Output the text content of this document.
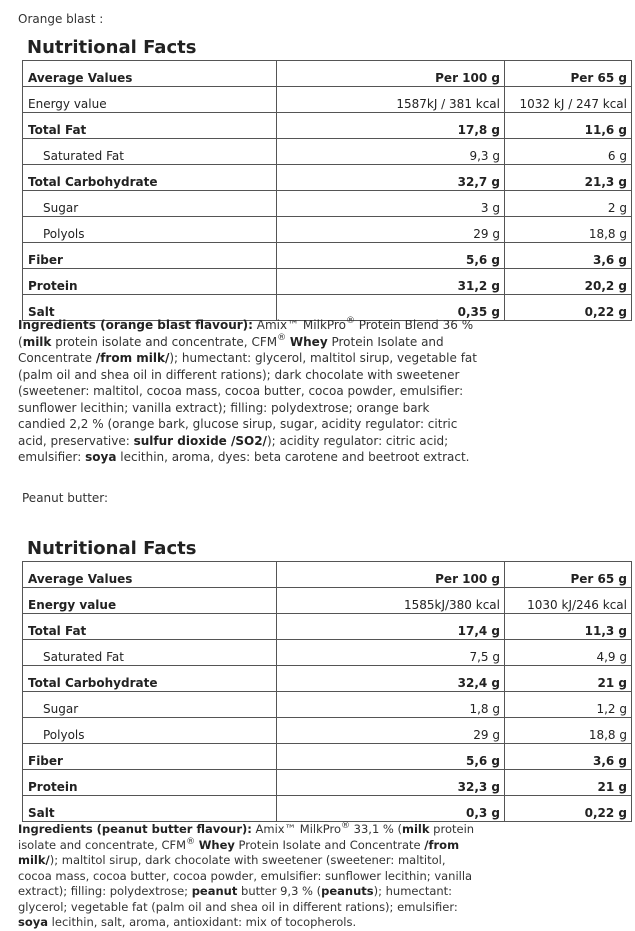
Orange blast :
Nutritional Facts
Average Values	Per 100 g	Per 65 g
Energy value	1587kJ / 381 kcal	1032 kJ / 247 kcal
Total Fat	17,8 g	11,6 g
Saturated Fat	9,3 g	6 g
Total Carbohydrate	32,7 g	21,3 g
Sugar	3 g	2 g
Polyols	29 g	18,8 g
Fiber	5,6 g	3,6 g
Protein	31,2 g	20,2 g
Salt	0,35 g	0,22 g
Ingredients (orange blast flavour): Amix™ MilkPro® Protein Blend 36 % (milk protein isolate and concentrate, CFM® Whey Protein Isolate and Concentrate /from milk/); humectant: glycerol, maltitol sirup, vegetable fat (palm oil and shea oil in different rations); dark chocolate with sweetener (sweetener: maltitol, cocoa mass, cocoa butter, cocoa powder, emulsifier: sunflower lecithin; vanilla extract); filling: polydextrose; orange bark candied 2,2 % (orange bark, glucose sirup, sugar, acidity regulator: citric acid, preservative: sulfur dioxide /SO2/); acidity regulator: citric acid; emulsifier: soya lecithin, aroma, dyes: beta carotene and beetroot extract.
Peanut butter:
Nutritional Facts
Average Values	Per 100 g	Per 65 g
Energy value	1585kJ/380 kcal	1030 kJ/246 kcal
Total Fat	17,4 g	11,3 g
Saturated Fat	7,5 g	4,9 g
Total Carbohydrate	32,4 g	21 g
Sugar	1,8 g	1,2 g
Polyols	29 g	18,8 g
Fiber	5,6 g	3,6 g
Protein	32,3 g	21 g
Salt	0,3 g	0,22 g
Ingredients (peanut butter flavour): Amix™ MilkPro® 33,1 % (milk protein isolate and concentrate, CFM® Whey Protein Isolate and Concentrate /from milk/); maltitol sirup, dark chocolate with sweetener (sweetener: maltitol, cocoa mass, cocoa butter, cocoa powder, emulsifier: sunflower lecithin; vanilla extract); filling: polydextrose; peanut butter 9,3 % (peanuts); humectant: glycerol; vegetable fat (palm oil and shea oil in different rations); emulsifier: soya lecithin, salt, aroma, antioxidant: mix of tocopherols.
